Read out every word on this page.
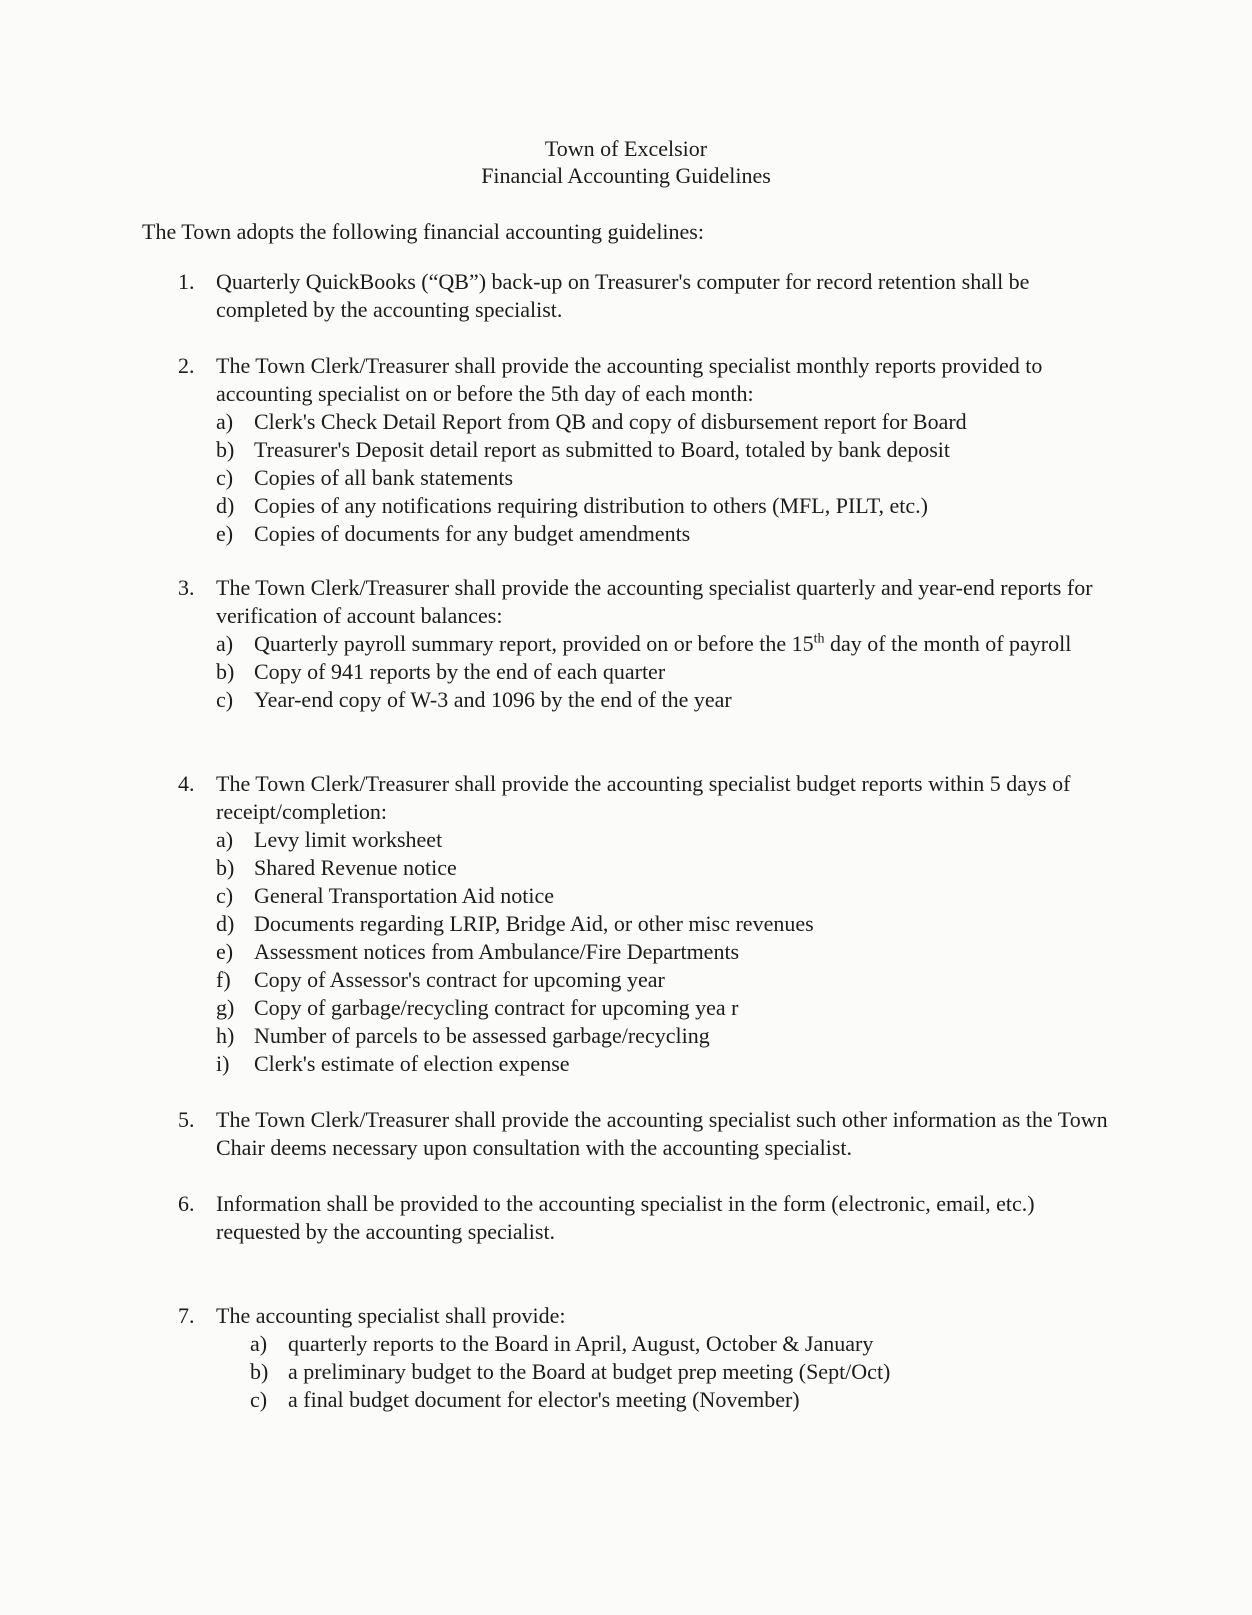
Town of Excelsior
Financial Accounting Guidelines
The Town adopts the following financial accounting guidelines:
1. Quarterly QuickBooks (“QB”) back-up on Treasurer's computer for record retention shall be completed by the accounting specialist.
2. The Town Clerk/Treasurer shall provide the accounting specialist monthly reports provided to accounting specialist on or before the 5th day of each month:
a) Clerk's Check Detail Report from QB and copy of disbursement report for Board
b) Treasurer's Deposit detail report as submitted to Board, totaled by bank deposit
c) Copies of all bank statements
d) Copies of any notifications requiring distribution to others (MFL, PILT, etc.)
e) Copies of documents for any budget amendments
3. The Town Clerk/Treasurer shall provide the accounting specialist quarterly and year-end reports for verification of account balances:
a) Quarterly payroll summary report, provided on or before the 15th day of the month of payroll
b) Copy of 941 reports by the end of each quarter
c) Year-end copy of W-3 and 1096 by the end of the year
4. The Town Clerk/Treasurer shall provide the accounting specialist budget reports within 5 days of receipt/completion:
a) Levy limit worksheet
b) Shared Revenue notice
c) General Transportation Aid notice
d) Documents regarding LRIP, Bridge Aid, or other misc revenues
e) Assessment notices from Ambulance/Fire Departments
f) Copy of Assessor's contract for upcoming year
g) Copy of garbage/recycling contract for upcoming yea r
h) Number of parcels to be assessed garbage/recycling
i) Clerk's estimate of election expense
5. The Town Clerk/Treasurer shall provide the accounting specialist such other information as the Town Chair deems necessary upon consultation with the accounting specialist.
6. Information shall be provided to the accounting specialist in the form (electronic, email, etc.) requested by the accounting specialist.
7. The accounting specialist shall provide:
a) quarterly reports to the Board in April, August, October & January
b) a preliminary budget to the Board at budget prep meeting (Sept/Oct)
c) a final budget document for elector's meeting (November)
